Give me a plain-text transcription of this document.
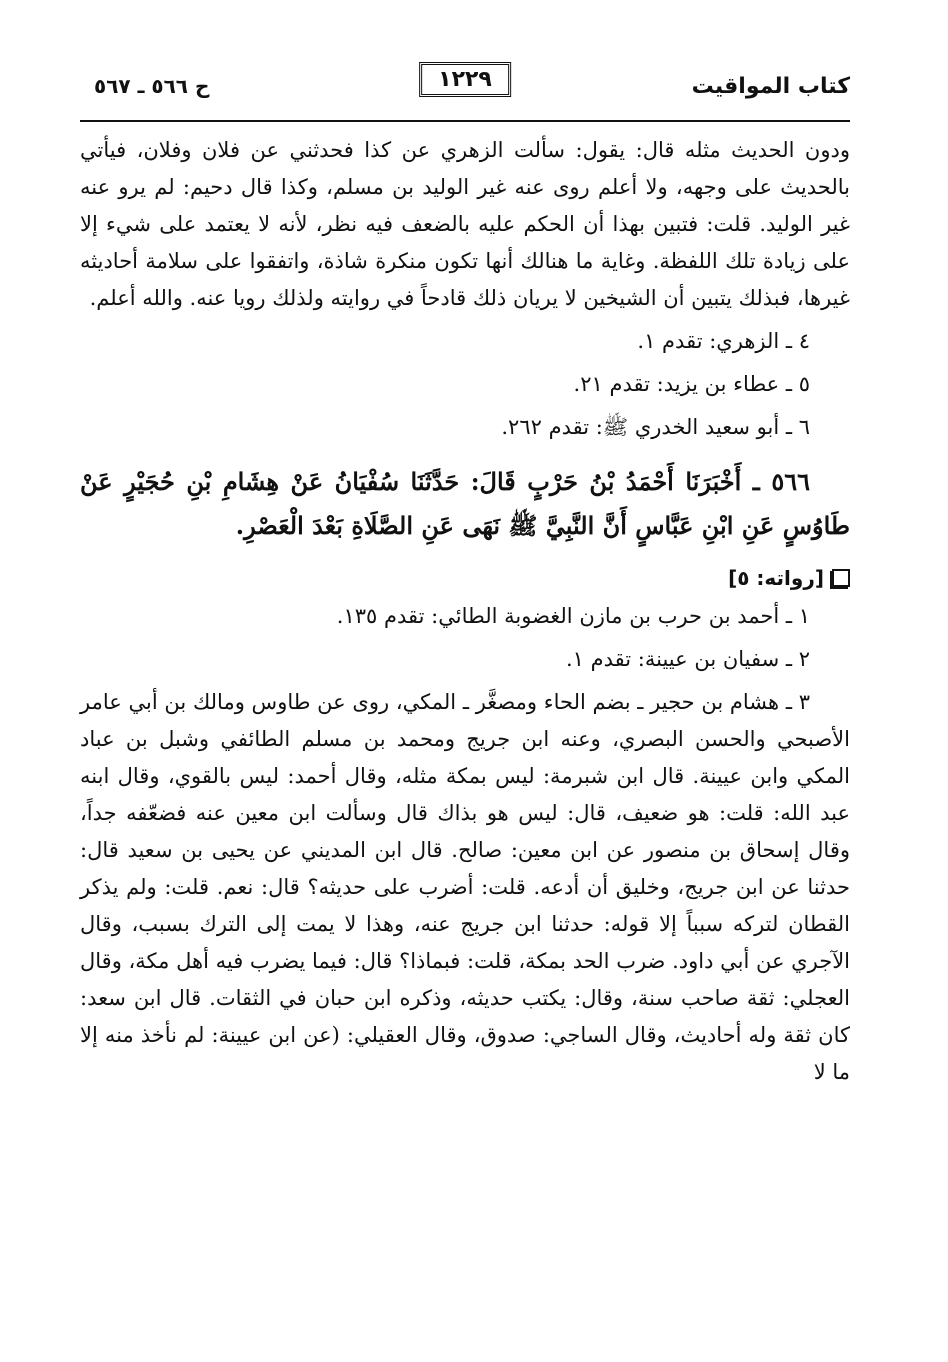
كتاب المواقيت
١٢٢٩
ح ٥٦٦ ـ ٥٦٧

ودون الحديث مثله قال: يقول: سألت الزهري عن كذا فحدثني عن فلان وفلان، فيأتي بالحديث على وجهه، ولا أعلم روى عنه غير الوليد بن مسلم، وكذا قال دحيم: لم يرو عنه غير الوليد. قلت: فتبين بهذا أن الحكم عليه بالضعف فيه نظر، لأنه لا يعتمد على شيء إلا على زيادة تلك اللفظة. وغاية ما هنالك أنها تكون منكرة شاذة، واتفقوا على سلامة أحاديثه غيرها، فبذلك يتبين أن الشيخين لا يريان ذلك قادحاً في روايته ولذلك رويا عنه. والله أعلم.

٤ ـ الزهري: تقدم ١.
٥ ـ عطاء بن يزيد: تقدم ٢١.
٦ ـ أبو سعيد الخدري ﷺ: تقدم ٢٦٢.

٥٦٦ ـ أَخْبَرَنَا أَحْمَدُ بْنُ حَرْبٍ قَالَ: حَدَّثَنَا سُفْيَانُ عَنْ هِشَامِ بْنِ حُجَيْرٍ عَنْ طَاوُسٍ عَنِ ابْنِ عَبَّاسٍ أَنَّ النَّبِيَّ ﷺ نَهَى عَنِ الصَّلَاةِ بَعْدَ الْعَصْرِ.

[رواته: ٥]
١ ـ أحمد بن حرب بن مازن الغضوبة الطائي: تقدم ١٣٥.
٢ ـ سفيان بن عيينة: تقدم ١.

٣ ـ هشام بن حجير ـ بضم الحاء ومصغَّر ـ المكي، روى عن طاوس ومالك بن أبي عامر الأصبحي والحسن البصري، وعنه ابن جريج ومحمد بن مسلم الطائفي وشبل بن عباد المكي وابن عيينة. قال ابن شبرمة: ليس بمكة مثله، وقال أحمد: ليس بالقوي، وقال ابنه عبد الله: قلت: هو ضعيف، قال: ليس هو بذاك قال وسألت ابن معين عنه فضعّفه جداً، وقال إسحاق بن منصور عن ابن معين: صالح. قال ابن المديني عن يحيى بن سعيد قال: حدثنا عن ابن جريج، وخليق أن أدعه. قلت: أضرب على حديثه؟ قال: نعم. قلت: ولم يذكر القطان لتركه سبباً إلا قوله: حدثنا ابن جريج عنه، وهذا لا يمت إلى الترك بسبب، وقال الآجري عن أبي داود. ضرب الحد بمكة، قلت: فبماذا؟ قال: فيما يضرب فيه أهل مكة، وقال العجلي: ثقة صاحب سنة، وقال: يكتب حديثه، وذكره ابن حبان في الثقات. قال ابن سعد: كان ثقة وله أحاديث، وقال الساجي: صدوق، وقال العقيلي: (عن ابن عيينة: لم نأخذ منه إلا ما لا
